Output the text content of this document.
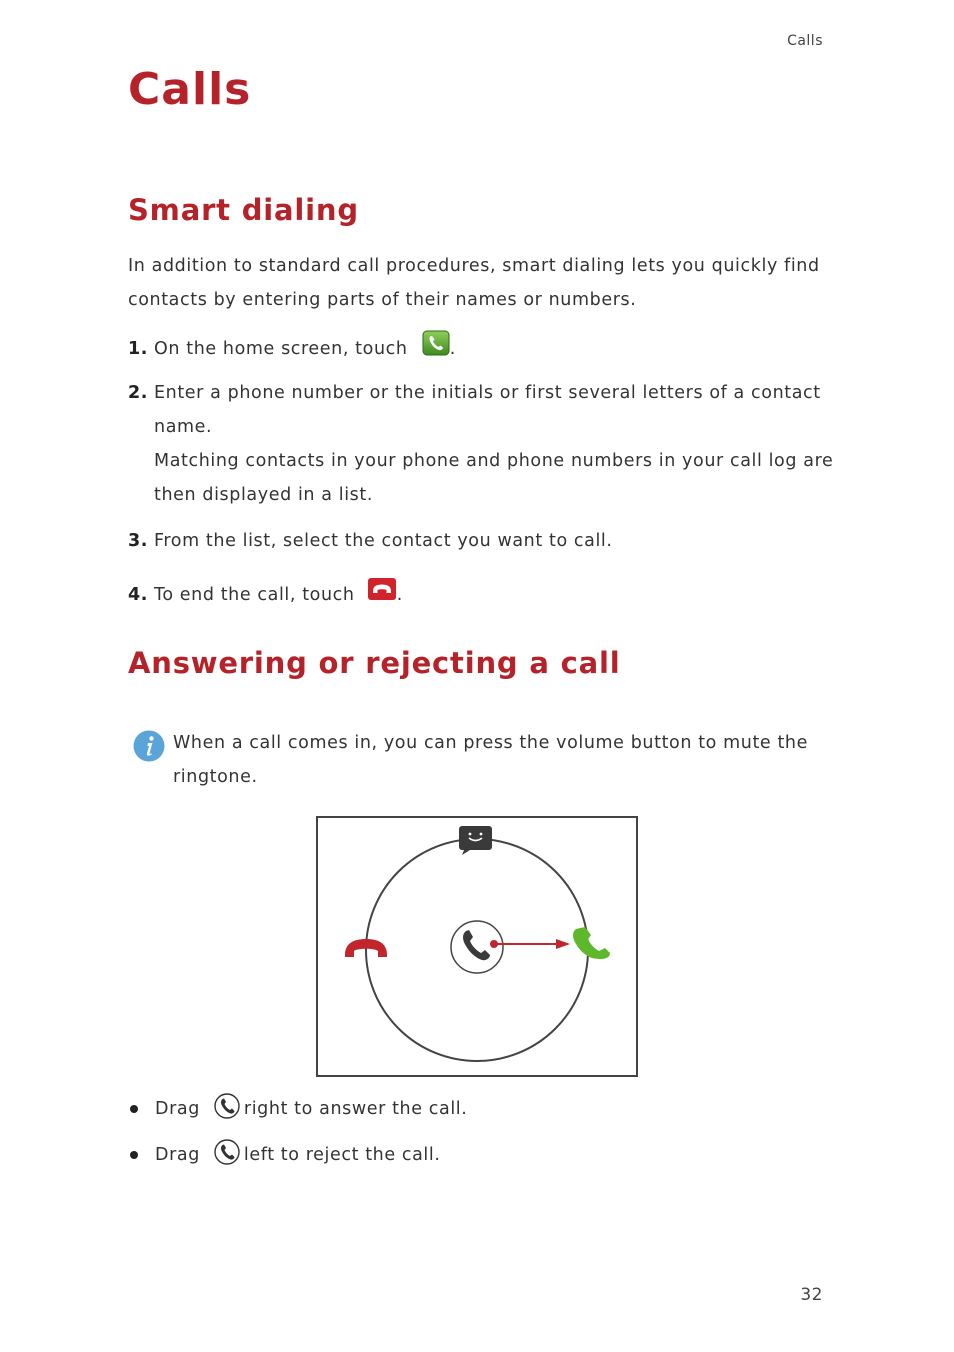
Calls
Calls
Smart dialing
In addition to standard call procedures, smart dialing lets you quickly find
contacts by entering parts of their names or numbers.
1. On the home screen, touch .
2. Enter a phone number or the initials or first several letters of a contact
name.
Matching contacts in your phone and phone numbers in your call log are
then displayed in a list.
3. From the list, select the contact you want to call.
4. To end the call, touch .
Answering or rejecting a call
When a call comes in, you can press the volume button to mute the
ringtone.
Drag	right to answer the call.
Drag	left to reject the call.
32
